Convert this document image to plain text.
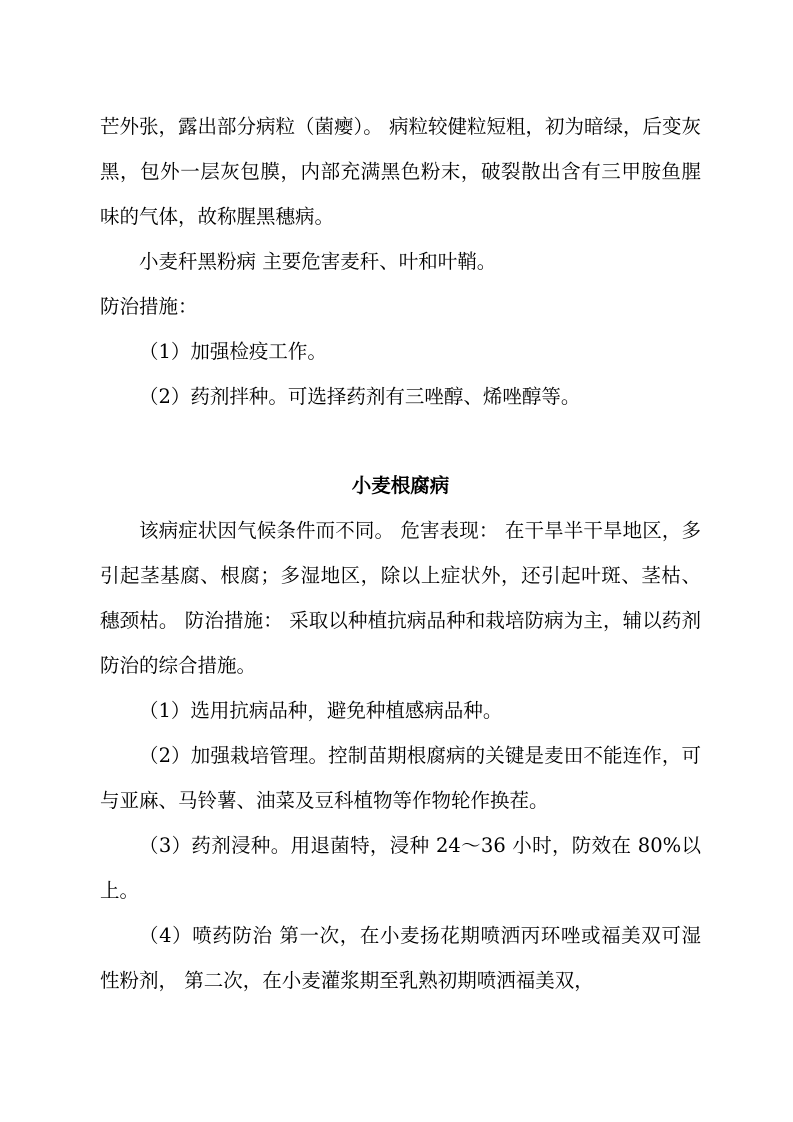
芒外张，露出部分病粒（菌瘿）。 病粒较健粒短粗，初为暗绿，后变灰黑，包外一层灰包膜，内部充满黑色粉末，破裂散出含有三甲胺鱼腥味的气体，故称腥黑穗病。

小麦秆黑粉病 主要危害麦秆、叶和叶鞘。

防治措施：

（1）加强检疫工作。

（2）药剂拌种。可选择药剂有三唑醇、烯唑醇等。

小麦根腐病

该病症状因气候条件而不同。 危害表现： 在干旱半干旱地区，多引起茎基腐、根腐；多湿地区，除以上症状外，还引起叶斑、茎枯、穗颈枯。 防治措施： 采取以种植抗病品种和栽培防病为主，辅以药剂防治的综合措施。

（1）选用抗病品种，避免种植感病品种。

（2）加强栽培管理。控制苗期根腐病的关键是麦田不能连作，可与亚麻、马铃薯、油菜及豆科植物等作物轮作换茬。

（3）药剂浸种。用退菌特，浸种 24～36 小时，防效在 80%以上。

（4）喷药防治 第一次，在小麦扬花期喷洒丙环唑或福美双可湿性粉剂， 第二次，在小麦灌浆期至乳熟初期喷洒福美双，
